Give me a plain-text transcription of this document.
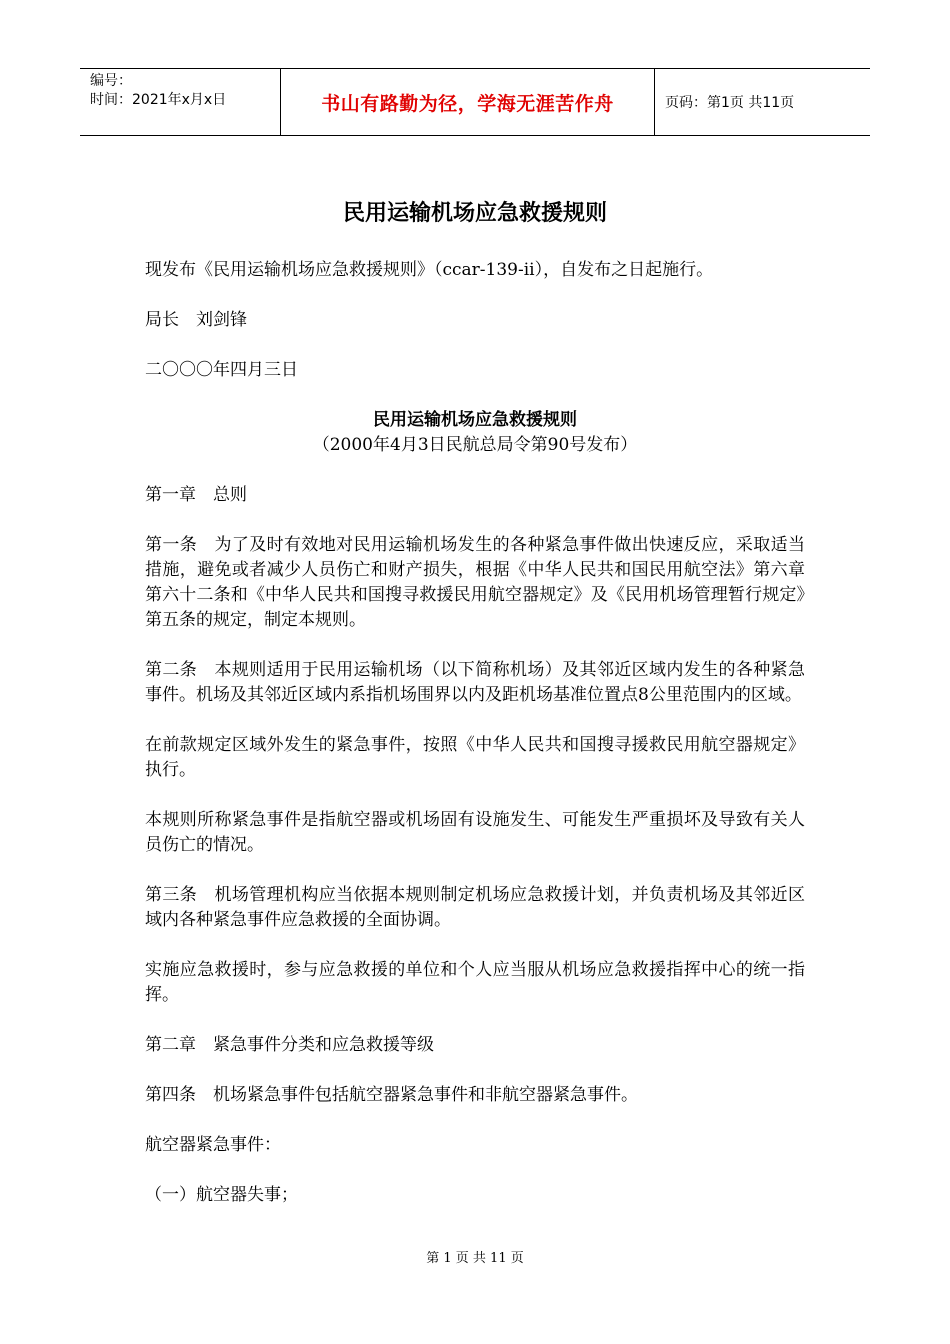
编号：
时间：2021年x月x日	书山有路勤为径，学海无涯苦作舟	页码：第1页 共11页
民用运输机场应急救援规则

现发布《民用运输机场应急救援规则》（ccar-139-ii），自发布之日起施行。

局长　刘剑锋

二〇〇〇年四月三日

民用运输机场应急救援规则

（2000年4月3日民航总局令第90号发布）

第一章　总则

第一条　为了及时有效地对民用运输机场发生的各种紧急事件做出快速反应，采取适当措施，避免或者减少人员伤亡和财产损失，根据《中华人民共和国民用航空法》第六章第六十二条和《中华人民共和国搜寻救援民用航空器规定》及《民用机场管理暂行规定》第五条的规定，制定本规则。

第二条　本规则适用于民用运输机场（以下简称机场）及其邻近区域内发生的各种紧急事件。机场及其邻近区域内系指机场围界以内及距机场基准位置点8公里范围内的区域。

在前款规定区域外发生的紧急事件，按照《中华人民共和国搜寻援救民用航空器规定》执行。

本规则所称紧急事件是指航空器或机场固有设施发生、可能发生严重损坏及导致有关人员伤亡的情况。

第三条　机场管理机构应当依据本规则制定机场应急救援计划，并负责机场及其邻近区域内各种紧急事件应急救援的全面协调。

实施应急救援时，参与应急救援的单位和个人应当服从机场应急救援指挥中心的统一指挥。

第二章　紧急事件分类和应急救援等级

第四条　机场紧急事件包括航空器紧急事件和非航空器紧急事件。

航空器紧急事件：

（一）航空器失事；

第 1 页 共 11 页
